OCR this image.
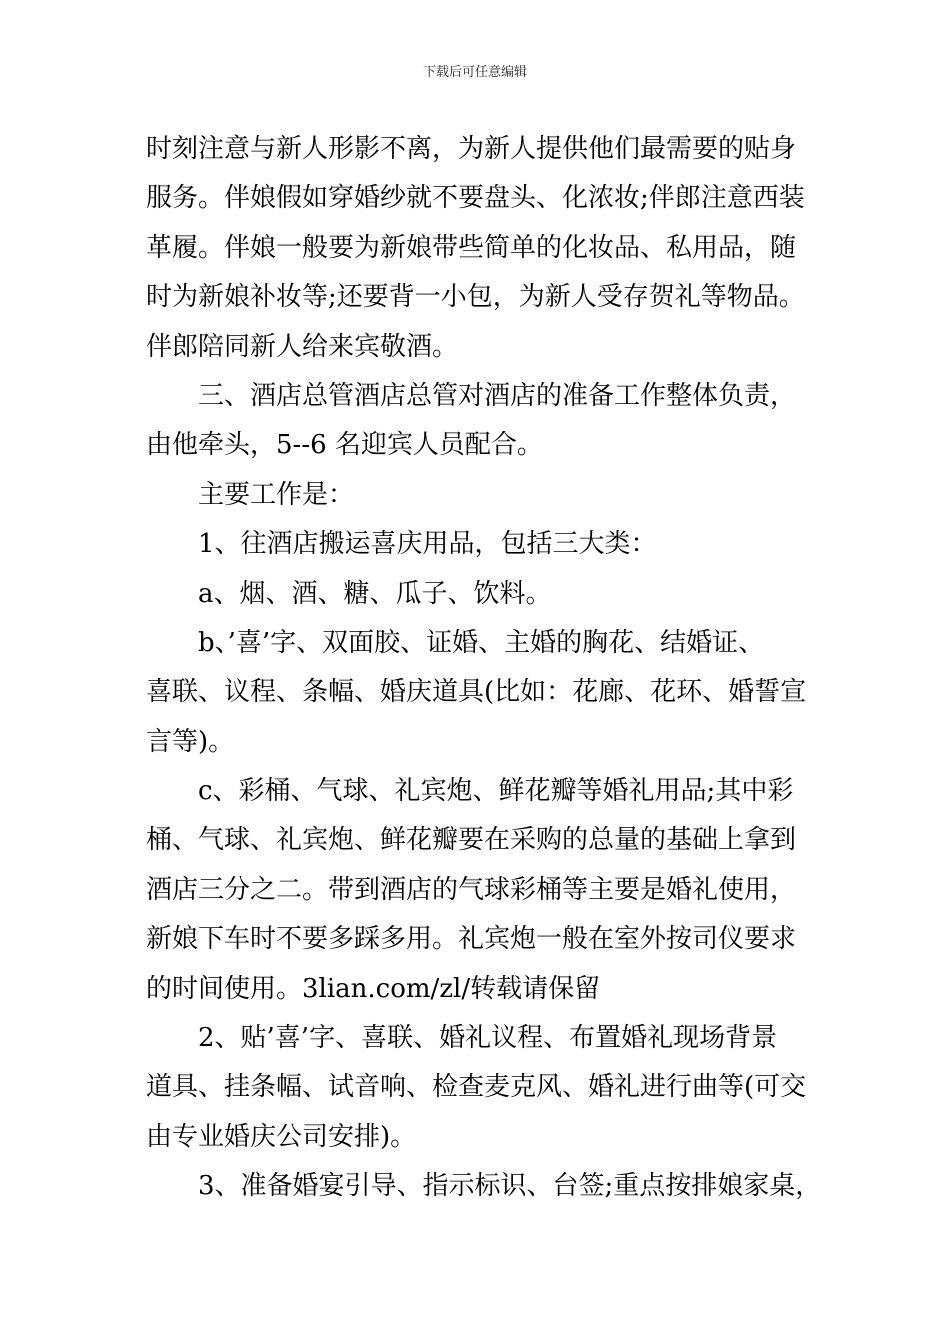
下载后可任意编辑
时刻注意与新人形影不离，为新人提供他们最需要的贴身
服务。伴娘假如穿婚纱就不要盘头、化浓妆;伴郎注意西装
革履。伴娘一般要为新娘带些简单的化妆品、私用品，随
时为新娘补妆等;还要背一小包，为新人受存贺礼等物品。
伴郎陪同新人给来宾敬酒。
三、酒店总管酒店总管对酒店的准备工作整体负责，
由他牵头，5--6 名迎宾人员配合。
主要工作是：
1、往酒店搬运喜庆用品，包括三大类：
a、烟、酒、糖、瓜子、饮料。
b、’喜’字、双面胶、证婚、主婚的胸花、结婚证、
喜联、议程、条幅、婚庆道具(比如：花廊、花环、婚誓宣
言等)。
c、彩桶、气球、礼宾炮、鲜花瓣等婚礼用品;其中彩
桶、气球、礼宾炮、鲜花瓣要在采购的总量的基础上拿到
酒店三分之二。带到酒店的气球彩桶等主要是婚礼使用，
新娘下车时不要多踩多用。礼宾炮一般在室外按司仪要求
的时间使用。3lian.com/zl/转载请保留
2、贴’喜’字、喜联、婚礼议程、布置婚礼现场背景
道具、挂条幅、试音响、检查麦克风、婚礼进行曲等(可交
由专业婚庆公司安排)。
3、准备婚宴引导、指示标识、台签;重点按排娘家桌，
